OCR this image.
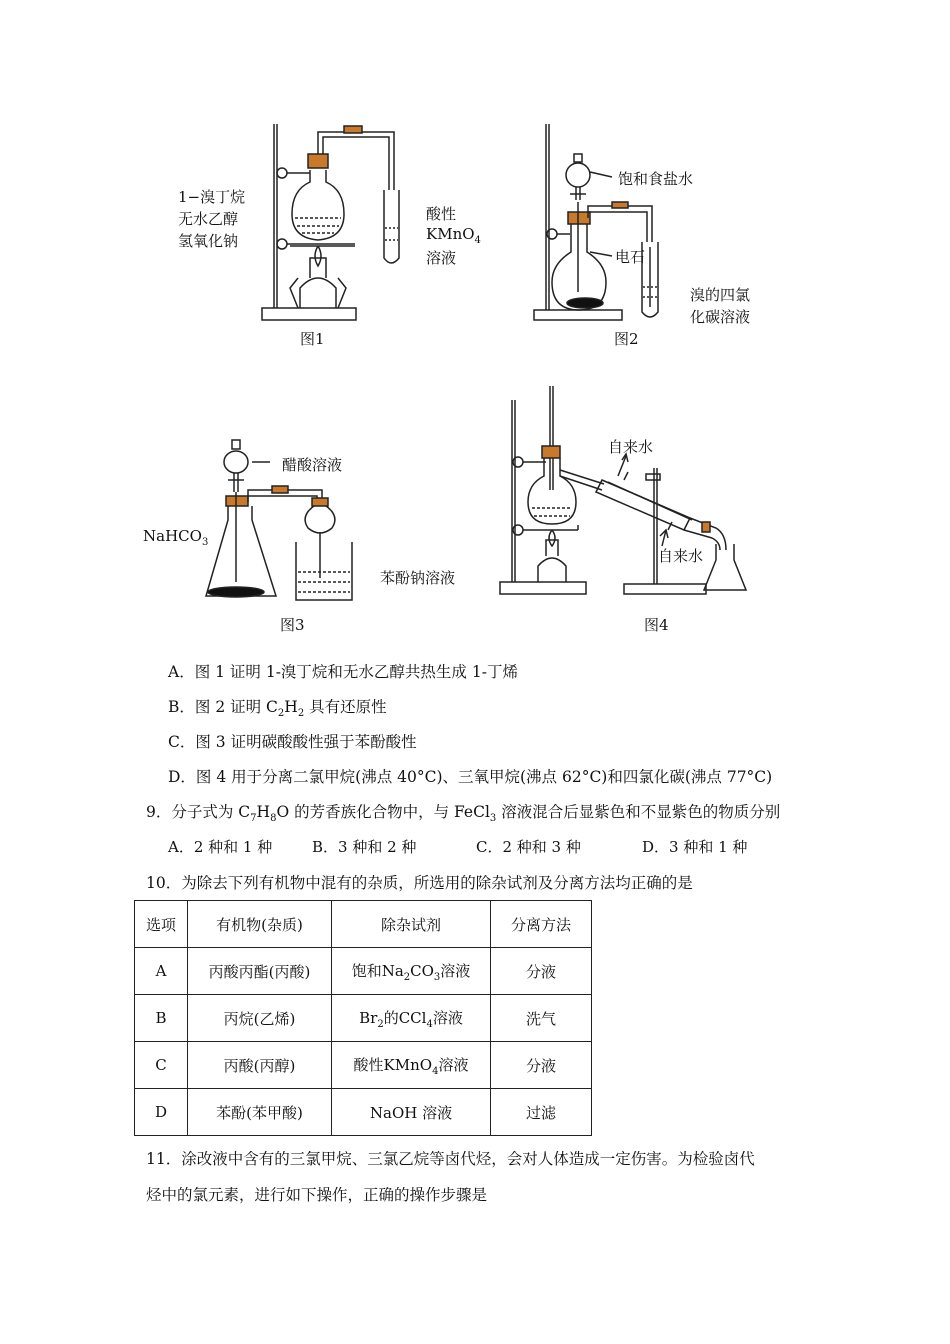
1−溴丁烷
无水乙醇
氢氧化钠
酸性
KMnO$_4$
溶液
图1
饱和食盐水
电石
溴的四氯
化碳溶液
图2
醋酸溶液
NaHCO$_3$
苯酚钠溶液
图3
自来水
自来水
图4
A．图 1 证明 1-溴丁烷和无水乙醇共热生成 1-丁烯
B．图 2 证明 $C_2H_2$ 具有还原性
C．图 3 证明碳酸酸性强于苯酚酸性
D．图 4 用于分离二氯甲烷(沸点 40°C)、三氧甲烷(沸点 62°C)和四氯化碳(沸点 77°C)
9．分子式为 $C_7H_8O$ 的芳香族化合物中，与 FeCl$_3$ 溶液混合后显紫色和不显紫色的物质分别
A．2 种和 1 种	B．3 种和 2 种	C．2 种和 3 种	D．3 种和 1 种
10．为除去下列有机物中混有的杂质，所选用的除杂试剂及分离方法均正确的是
选项	有机物(杂质)	除杂试剂	分离方法
A	丙酸丙酯(丙酸)	饱和$Na_2CO_3$溶液	分液
B	丙烷(乙烯)	$Br_2$的CCl$_4$溶液	洗气
C	丙酸(丙醇)	酸性KMnO$_4$溶液	分液
D	苯酚(苯甲酸)	NaOH 溶液	过滤
11．涂改液中含有的三氯甲烷、三氯乙烷等卤代烃，会对人体造成一定伤害。为检验卤代
烃中的氯元素，进行如下操作，正确的操作步骤是
